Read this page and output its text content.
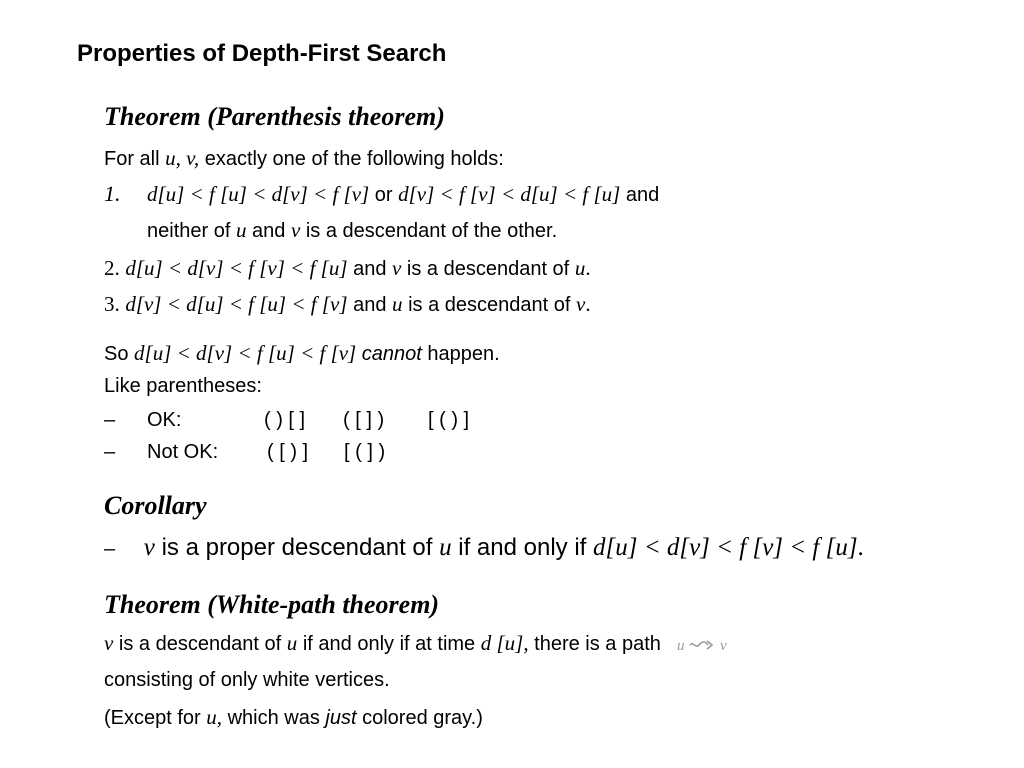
Properties of Depth-First Search
Theorem (Parenthesis theorem)
For all u, v, exactly one of the following holds:
1. d[u] < f [u] < d[v] < f [v] or d[v] < f [v] < d[u] < f [u] and
neither of u and v is a descendant of the other.
2. d[u] < d[v] < f [v] < f [u] and v is a descendant of u.
3. d[v] < d[u] < f [u] < f [v] and u is a descendant of v.
So d[u] < d[v] < f [u] < f [v] cannot happen.
Like parentheses:
– OK:	( ) [ ] ( [ ] ) [ ( ) ]
– Not OK: ( [ ) ] [ ( ] )
Corollary
– v is a proper descendant of u if and only if d[u] < d[v] < f [v] < f [u].
Theorem (White-path theorem)
v is a descendant of u if and only if at time d [u], there is a path u v
consisting of only white vertices.
(Except for u, which was just colored gray.)
